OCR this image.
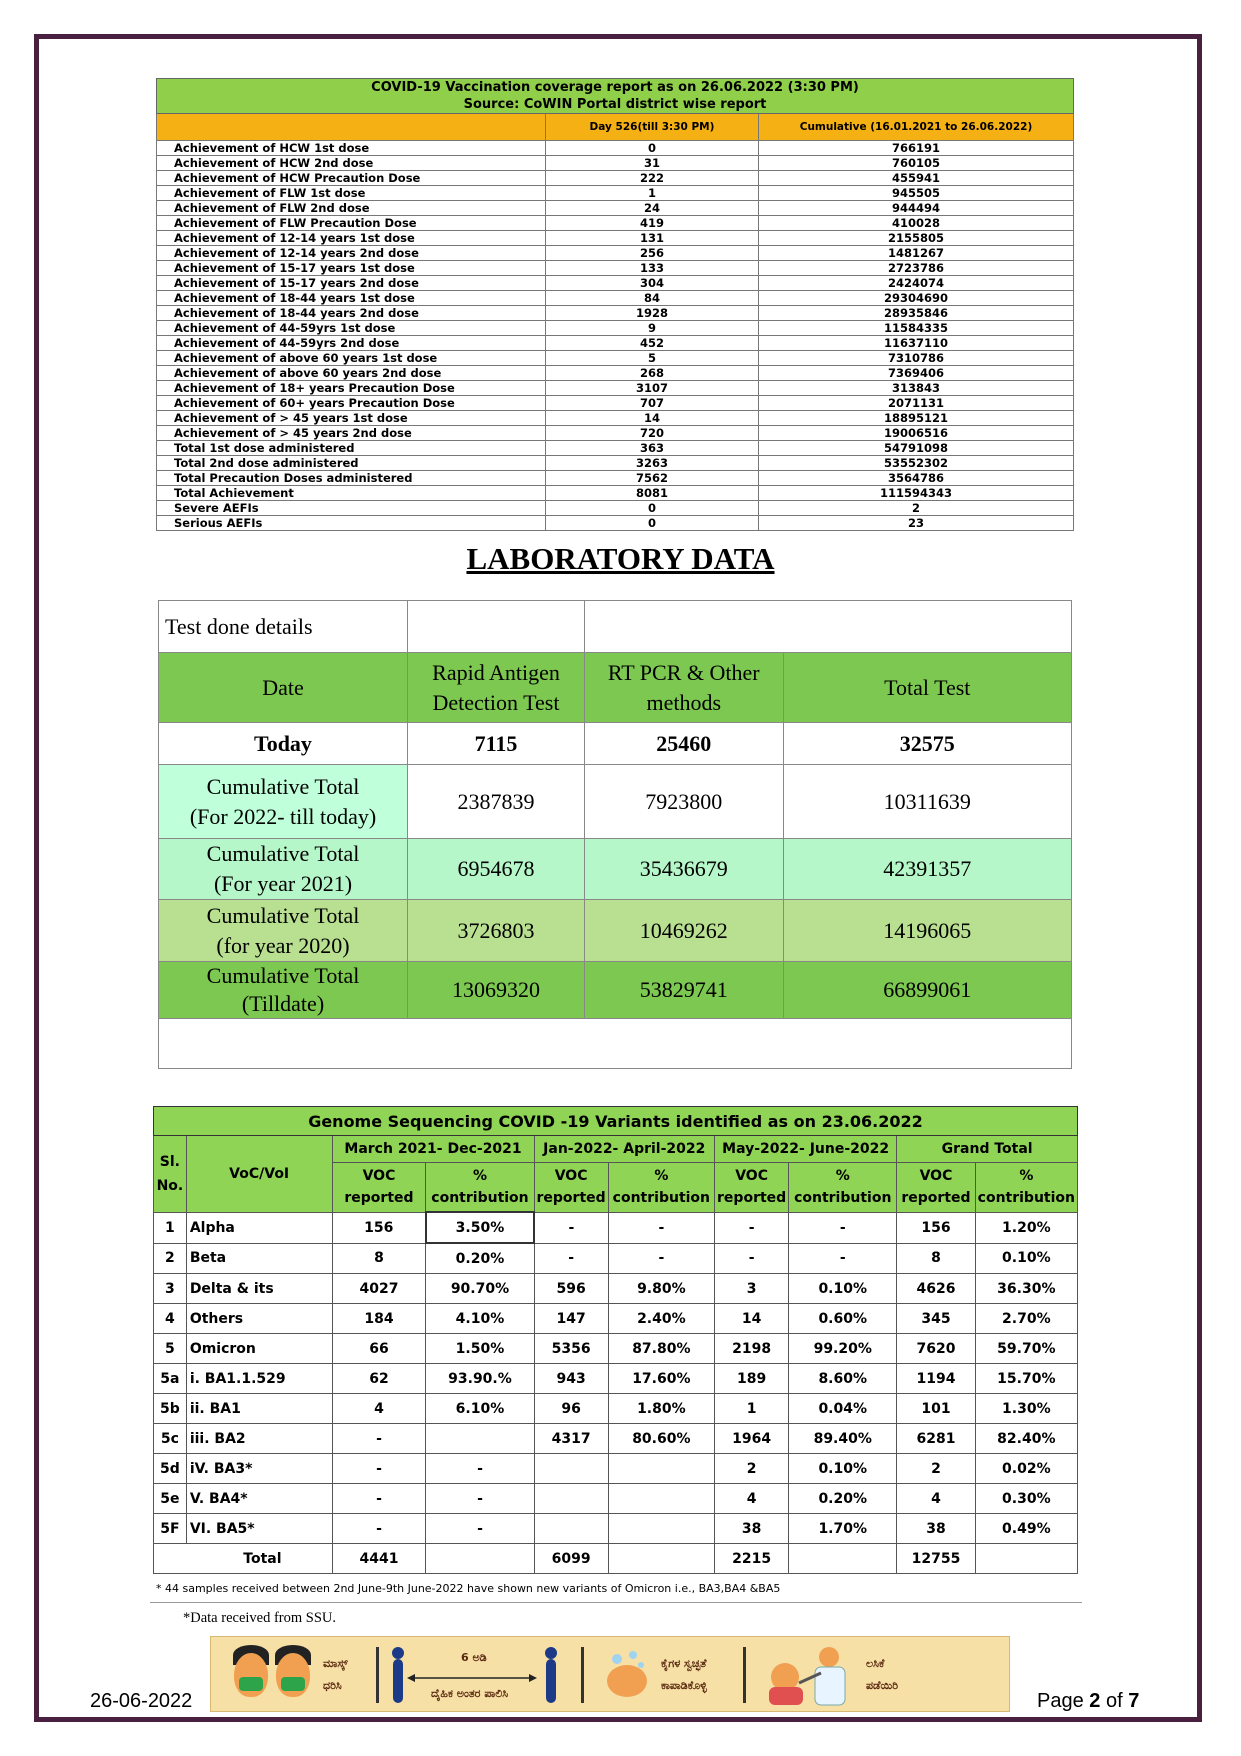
COVID-19 Vaccination coverage report as on 26.06.2022 (3:30 PM)
Source: CoWIN Portal district wise report		

	Day 526(till 3:30 PM)	Cumulative (16.01.2021 to 26.06.2022)
Achievement of HCW 1st dose	0	766191
Achievement of HCW 2nd dose	31	760105
Achievement of HCW Precaution Dose	222	455941
Achievement of FLW 1st dose	1	945505
Achievement of FLW 2nd dose	24	944494
Achievement of FLW Precaution Dose	419	410028
Achievement of 12-14 years 1st dose	131	2155805
Achievement of 12-14 years 2nd dose	256	1481267
Achievement of 15-17 years 1st dose	133	2723786
Achievement of 15-17 years 2nd dose	304	2424074
Achievement of 18-44 years 1st dose	84	29304690
Achievement of 18-44 years 2nd dose	1928	28935846
Achievement of 44-59yrs 1st dose	9	11584335
Achievement of 44-59yrs 2nd dose	452	11637110
Achievement of above 60 years 1st dose	5	7310786
Achievement of above 60 years 2nd dose	268	7369406
Achievement of 18+ years Precaution Dose	3107	313843
Achievement of 60+ years Precaution Dose	707	2071131
Achievement of > 45 years 1st dose	14	18895121
Achievement of > 45 years 2nd dose	720	19006516
Total 1st dose administered	363	54791098
Total 2nd dose administered	3263	53552302
Total Precaution Doses administered	7562	3564786
Total Achievement	8081	111594343
Severe AEFIs	0	2
Serious AEFIs	0	23
LABORATORY DATA
Test done details			
Date	Rapid Antigen Detection Test	RT PCR & Other methods	Total Test
Today	7115	25460	32575
Cumulative Total
(For 2022- till today)	2387839	7923800	10311639
Cumulative Total
(For year 2021)	6954678	35436679	42391357
Cumulative Total
(for year 2020)	3726803	10469262	14196065
Cumulative Total
(Tilldate)	13069320	53829741	66899061

Genome Sequencing COVID -19 Variants identified as on 23.06.2022									
Sl. No.	VoC/VoI	March 2021- Dec-2021		Jan-2022- April-2022		May-2022- June-2022		Grand Total	
		VOC reported	% contribution	VOC reported	% contribution	VOC reported	% contribution	VOC reported	% contribution
1	Alpha	156	3.50%	-	-	-	-	156	1.20%
2	Beta	8	0.20%	-	-	-	-	8	0.10%
3	Delta & its	4027	90.70%	596	9.80%	3	0.10%	4626	36.30%
4	Others	184	4.10%	147	2.40%	14	0.60%	345	2.70%
5	Omicron	66	1.50%	5356	87.80%	2198	99.20%	7620	59.70%
5a	i. BA1.1.529	62	93.90.%	943	17.60%	189	8.60%	1194	15.70%
5b	ii. BA1	4	6.10%	96	1.80%	1	0.04%	101	1.30%
5c	iii. BA2	-		4317	80.60%	1964	89.40%	6281	82.40%
5d	iV. BA3*	-	-			2	0.10%	2	0.02%
5e	V. BA4*	-	-			4	0.20%	4	0.30%
5F	VI. BA5*	-	-			38	1.70%	38	0.49%
Total		4441		6099		2215		12755	
* 44 samples received between 2nd June-9th June-2022 have shown new variants of Omicron i.e., BA3,BA4 &BA5
*Data received from SSU.
ಮಾಸ್ಕ್
ಧರಿಸಿ
6 ಅಡಿ
ದೈಹಿಕ ಅಂತರ ಪಾಲಿಸಿ
ಕೈಗಳ ಸ್ವಚ್ಛತೆ
ಕಾಪಾಡಿಕೊಳ್ಳಿ
ಲಸಿಕೆ
ಪಡೆಯಿರಿ
26-06-2022	Page 2 of 7
